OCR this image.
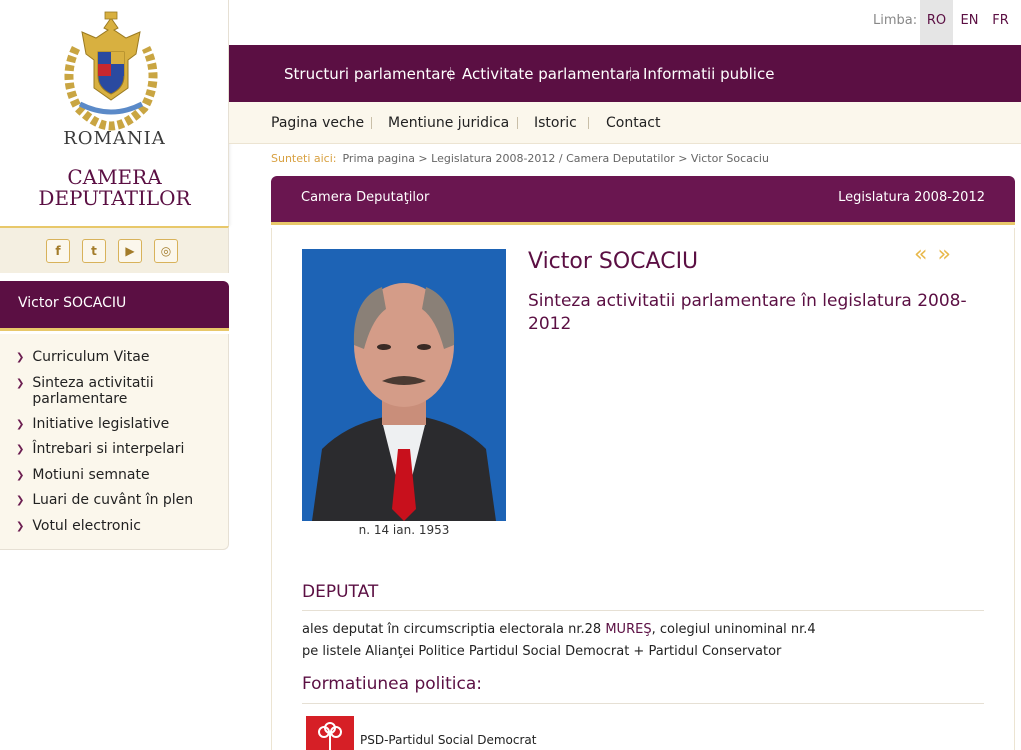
ROMANIA
CAMERA
DEPUTATILOR
f	t	▶	◎
Victor SOCACIU
❯ Curriculum Vitae
❯ Sinteza activitatii parlamentare
❯ Initiative legislative
❯ Întrebari si interpelari
❯ Motiuni semnate
❯ Luari de cuvânt în plen
❯ Votul electronic
Limba: RO	EN	FR
Structuri parlamentare Activitate parlamentara Informatii publice
Pagina veche Mentiune juridica Istoric Contact
Sunteti aici: Prima pagina > Legislatura 2008-2012 / Camera Deputatilor > Victor Socaciu
Camera Deputaţilor	Legislatura 2008-2012
n. 14 ian. 1953
Victor SOCACIU	«»
Sinteza activitatii parlamentare în legislatura 2008-2012
DEPUTAT
ales deputat în circumscriptia electorala nr.28 MUREŞ, colegiul uninominal nr.4
pe listele Alianţei Politice Partidul Social Democrat + Partidul Conservator
Formatiunea politica:
PSD-Partidul Social Democrat
